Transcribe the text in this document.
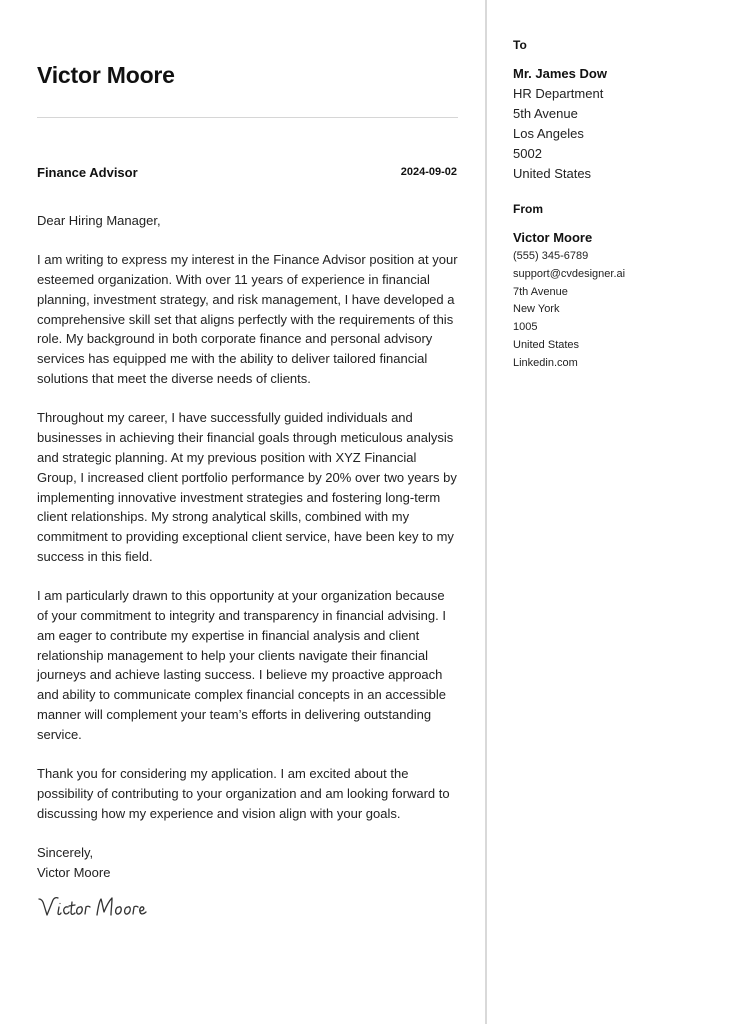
Victor Moore
Finance Advisor	2024-09-02

Dear Hiring Manager,

I am writing to express my interest in the Finance Advisor position at your esteemed organization. With over 11 years of experience in financial planning, investment strategy, and risk management, I have developed a comprehensive skill set that aligns perfectly with the requirements of this role. My background in both corporate finance and personal advisory services has equipped me with the ability to deliver tailored financial solutions that meet the diverse needs of clients.

Throughout my career, I have successfully guided individuals and businesses in achieving their financial goals through meticulous analysis and strategic planning. At my previous position with XYZ Financial Group, I increased client portfolio performance by 20% over two years by implementing innovative investment strategies and fostering long-term client relationships. My strong analytical skills, combined with my commitment to providing exceptional client service, have been key to my success in this field.

I am particularly drawn to this opportunity at your organization because of your commitment to integrity and transparency in financial advising. I am eager to contribute my expertise in financial analysis and client relationship management to help your clients navigate their financial journeys and achieve lasting success. I believe my proactive approach and ability to communicate complex financial concepts in an accessible manner will complement your team’s efforts in delivering outstanding service.

Thank you for considering my application. I am excited about the possibility of contributing to your organization and am looking forward to discussing how my experience and vision align with your goals.

Sincerely,
Victor Moore
To
Mr. James Dow
HR Department
5th Avenue
Los Angeles
5002
United States
From
Victor Moore
(555) 345-6789
support@cvdesigner.ai
7th Avenue
New York
1005
United States
Linkedin.com
